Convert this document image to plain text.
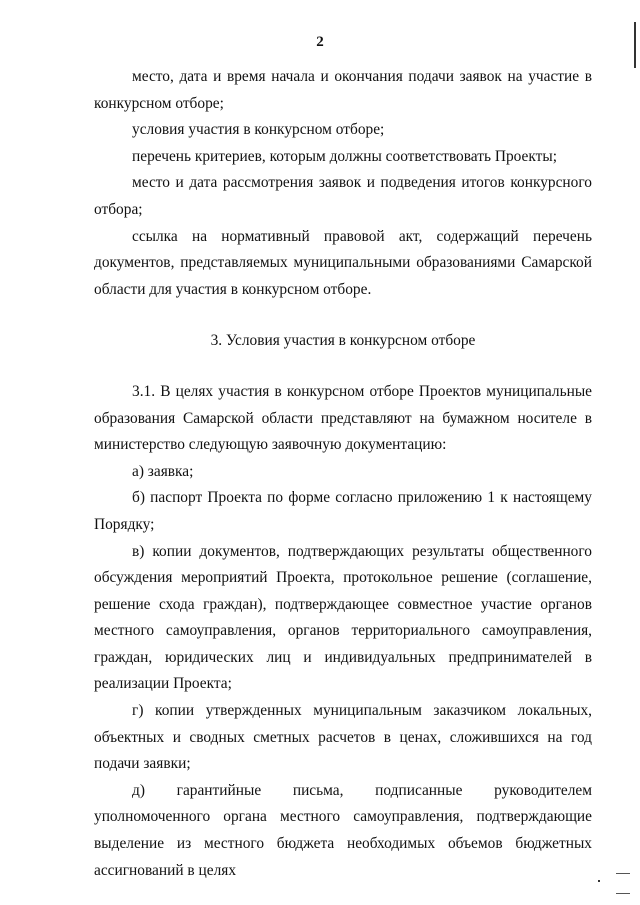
2

место, дата и время начала и окончания подачи заявок на участие в конкурсном отборе;

условия участия в конкурсном отборе;

перечень критериев, которым должны соответствовать Проекты;

место и дата рассмотрения заявок и подведения итогов конкурсного отбора;

ссылка на нормативный правовой акт, содержащий перечень документов, представляемых муниципальными образованиями Самарской области для участия в конкурсном отборе.

3. Условия участия в конкурсном отборе

3.1. В целях участия в конкурсном отборе Проектов муниципальные образования Самарской области представляют на бумажном носителе в министерство следующую заявочную документацию:

а) заявка;

б) паспорт Проекта по форме согласно приложению 1 к настоящему Порядку;

в) копии документов, подтверждающих результаты общественного обсуждения мероприятий Проекта, протокольное решение (соглашение, решение схода граждан), подтверждающее совместное участие органов местного самоуправления, органов территориального самоуправления, граждан, юридических лиц и индивидуальных предпринимателей в реализации Проекта;

г) копии утвержденных муниципальным заказчиком локальных, объектных и сводных сметных расчетов в ценах, сложившихся на год подачи заявки;

д) гарантийные письма, подписанные руководителем уполномоченного органа местного самоуправления, подтверждающие выделение из местного бюджета необходимых объемов бюджетных ассигнований в целях
